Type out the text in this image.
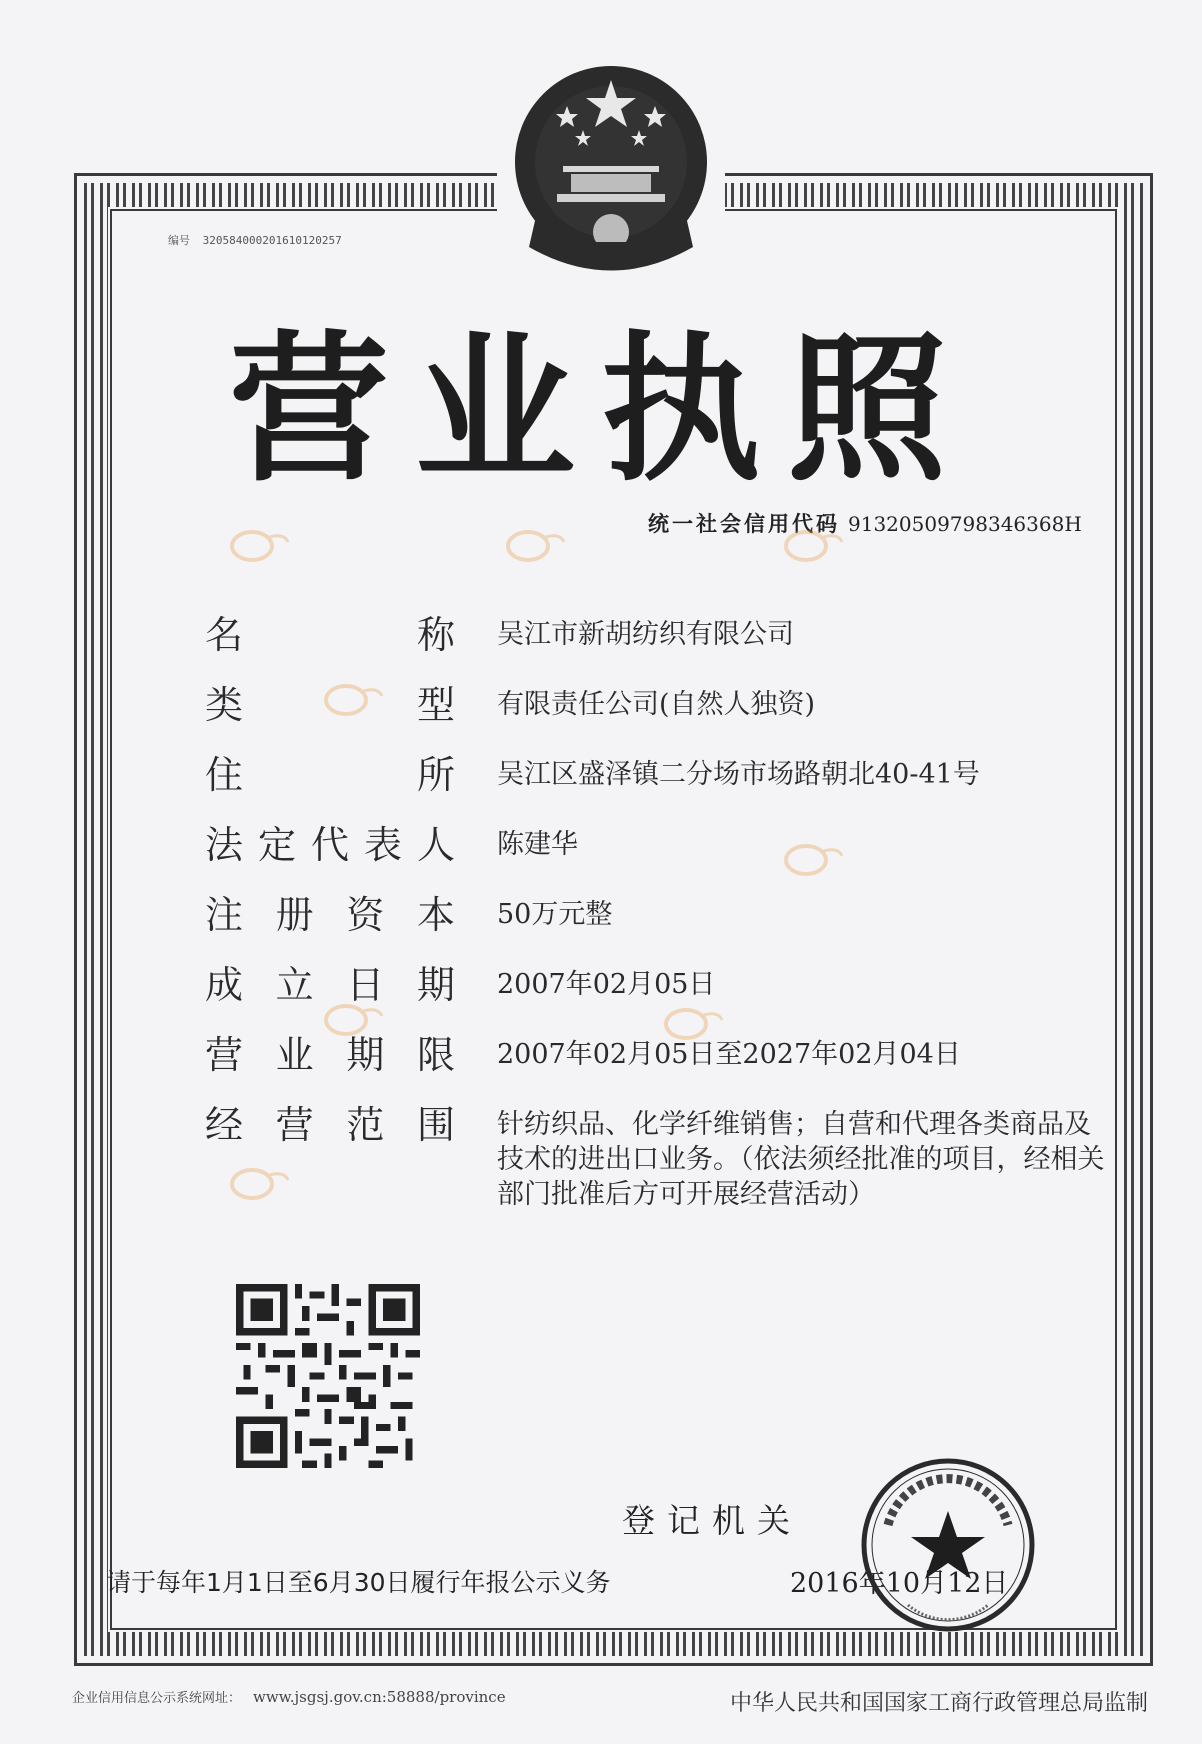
编号 320584000201610120257
营业执照
统一社会信用代码 91320509798346368H
名	称 吴江市新胡纺织有限公司
类	型 有限责任公司(自然人独资)
住	所 吴江区盛泽镇二分场市场路朝北40-41号
法 定 代 表 人 陈建华
注 册 资 本 50万元整
成 立 日 期 2007年02月05日
营 业 期 限 2007年02月05日至2027年02月04日
经 营 范 围 针纺织品、化学纤维销售；自营和代理各类商品及技术的进出口业务。（依法须经批准的项目，经相关部门批准后方可开展经营活动）
登记机关
请于每年1月1日至6月30日履行年报公示义务	2016年10月12日
企业信用信息公示系统网址： www.jsgsj.gov.cn:58888/province	中华人民共和国国家工商行政管理总局监制
